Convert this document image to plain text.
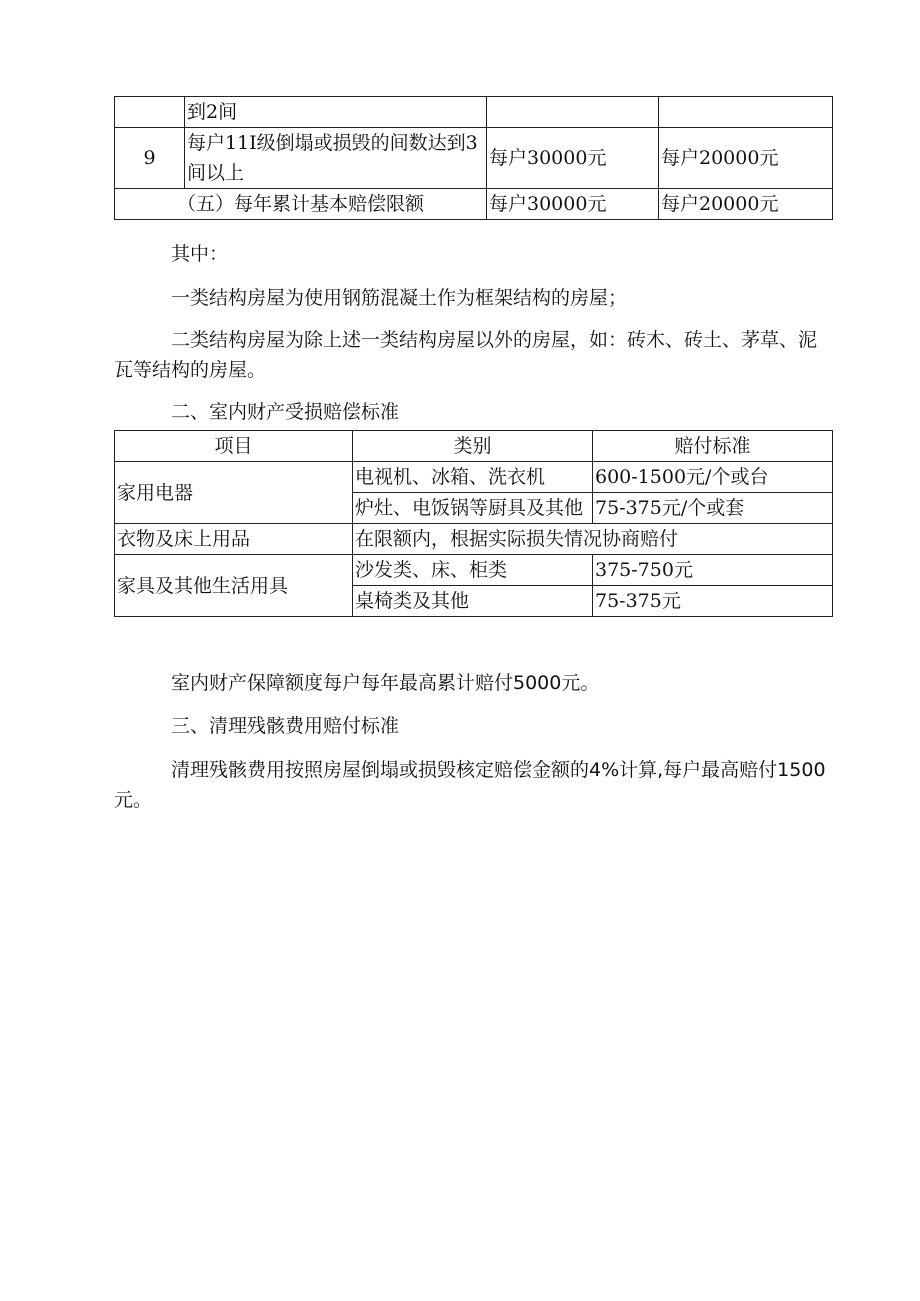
	到2间		
9	每户11I级倒塌或损毁的间数达到3间以上	每户30000元	每户20000元
（五）每年累计基本赔偿限额		每户30000元	每户20000元

其中：

一类结构房屋为使用钢筋混凝土作为框架结构的房屋；

二类结构房屋为除上述一类结构房屋以外的房屋，如：砖木、砖土、茅草、泥瓦等结构的房屋。

二、室内财产受损赔偿标准

项目	类别	赔付标准
家用电器	电视机、冰箱、洗衣机	600-1500元/个或台
	炉灶、电饭锅等厨具及其他	75-375元/个或套
衣物及床上用品	在限额内，根据实际损失情况协商赔付	
家具及其他生活用具	沙发类、床、柜类	375-750元
	桌椅类及其他	75-375元

室内财产保障额度每户每年最高累计赔付5000元。

三、清理残骸费用赔付标准

清理残骸费用按照房屋倒塌或损毁核定赔偿金额的4%计算,每户最高赔付1500元。
